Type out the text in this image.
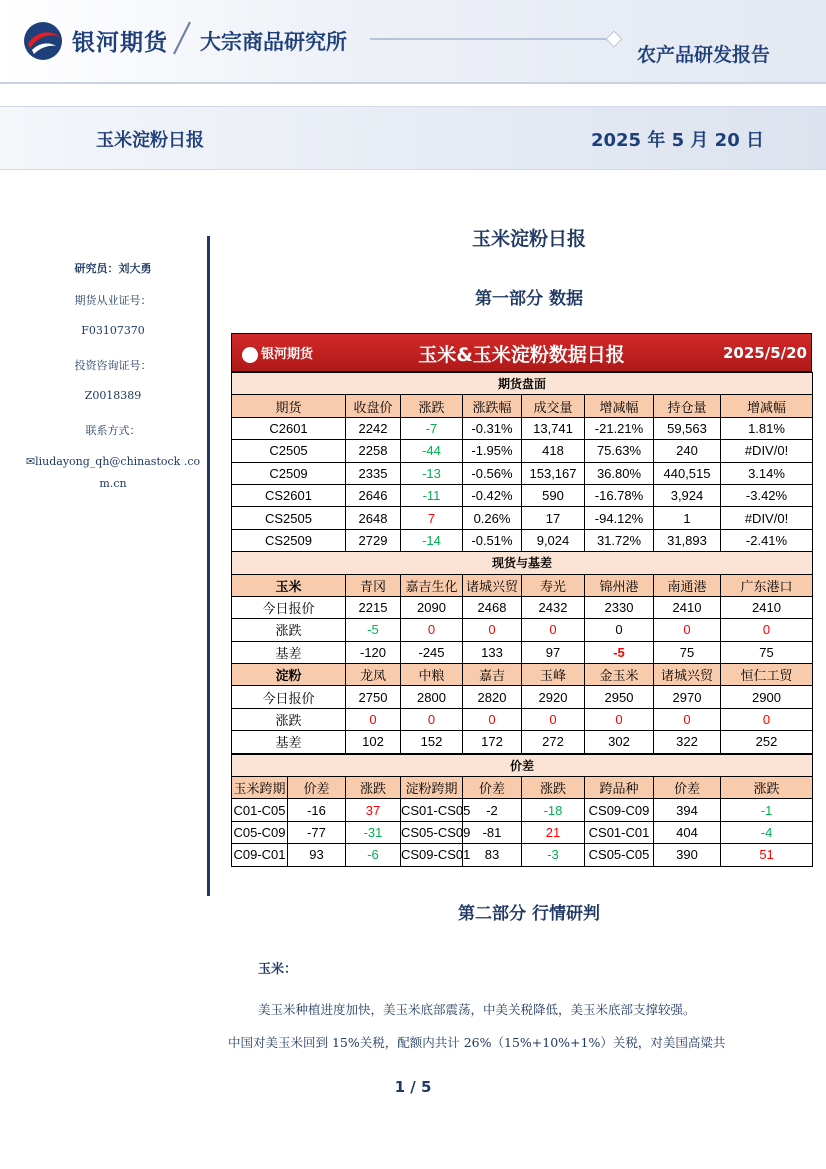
银河期货 大宗商品研究所
农产品研发报告
玉米淀粉日报	2025 年 5 月 20 日
研究员：刘大勇
期货从业证号：
F03107370
投资咨询证号：
Z0018389
联系方式：
✉liudayong_qh@chinastock .co
m.cn
玉米淀粉日报
第一部分 数据
银河期货	玉米&玉米淀粉数据日报	2025/5/20
期货盘面							
期货	收盘价	涨跌	涨跌幅	成交量	增减幅	持仓量	增减幅
C2601	2242	-7	-0.31%	13,741	-21.21%	59,563	1.81%
C2505	2258	-44	-1.95%	418	75.63%	240	#DIV/0!
C2509	2335	-13	-0.56%	153,167	36.80%	440,515	3.14%
CS2601	2646	-11	-0.42%	590	-16.78%	3,924	-3.42%
CS2505	2648	7	0.26%	17	-94.12%	1	#DIV/0!
CS2509	2729	-14	-0.51%	9,024	31.72%	31,893	-2.41%
现货与基差							
玉米	青冈	嘉吉生化	诸城兴贸	寿光	锦州港	南通港	广东港口
今日报价	2215	2090	2468	2432	2330	2410	2410
涨跌	-5	0	0	0	0	0	0
基差	-120	-245	133	97	-5	75	75
淀粉	龙凤	中粮	嘉吉	玉峰	金玉米	诸城兴贸	恒仁工贸
今日报价	2750	2800	2820	2920	2950	2970	2900
涨跌	0	0	0	0	0	0	0
基差	102	152	172	272	302	322	252
价差								
玉米跨期	价差	涨跌	淀粉跨期	价差	涨跌	跨品种	价差	涨跌
C01-C05	-16	37	CS01-CS05	-2	-18	CS09-C09	394	-1
C05-C09	-77	-31	CS05-CS09	-81	21	CS01-C01	404	-4
C09-C01	93	-6	CS09-CS01	83	-3	CS05-C05	390	51
第二部分 行情研判
玉米：
美玉米种植进度加快，美玉米底部震荡，中美关税降低，美玉米底部支撑较强。
中国对美玉米回到 15%关税，配额内共计 26%（15%+10%+1%）关税，对美国高粱共
1 / 5
